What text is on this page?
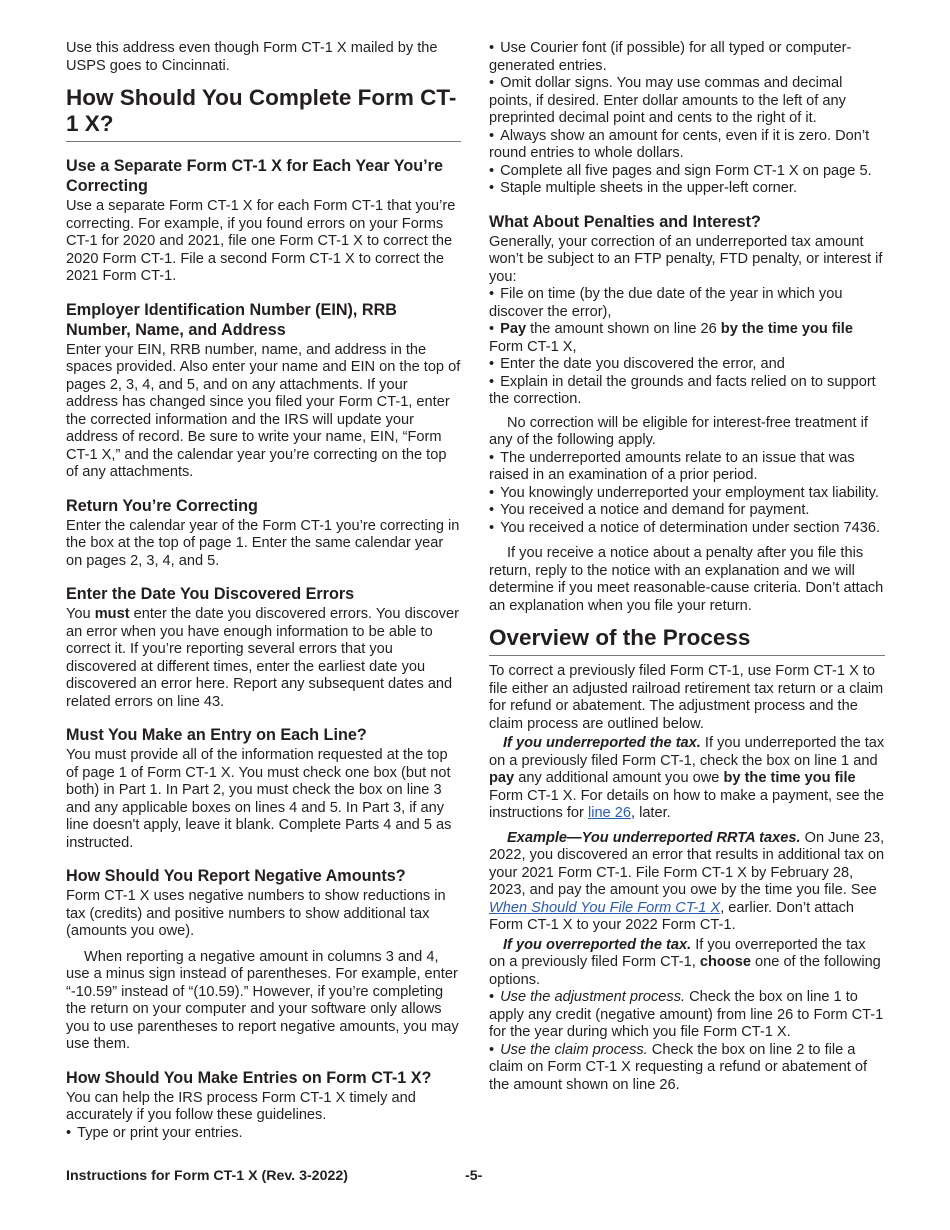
Use this address even though Form CT-1 X mailed by the USPS goes to Cincinnati.

How Should You Complete Form CT-1 X?
Use a Separate Form CT-1 X for Each Year You’re Correcting

Use a separate Form CT-1 X for each Form CT-1 that you’re correcting. For example, if you found errors on your Forms CT-1 for 2020 and 2021, file one Form CT-1 X to correct the 2020 Form CT-1. File a second Form CT-1 X to correct the 2021 Form CT-1.

Employer Identification Number (EIN), RRB Number, Name, and Address

Enter your EIN, RRB number, name, and address in the spaces provided. Also enter your name and EIN on the top of pages 2, 3, 4, and 5, and on any attachments. If your address has changed since you filed your Form CT-1, enter the corrected information and the IRS will update your address of record. Be sure to write your name, EIN, “Form CT-1 X,” and the calendar year you’re correcting on the top of any attachments.

Return You’re Correcting

Enter the calendar year of the Form CT-1 you’re correcting in the box at the top of page 1. Enter the same calendar year on pages 2, 3, 4, and 5.

Enter the Date You Discovered Errors

You must enter the date you discovered errors. You discover an error when you have enough information to be able to correct it. If you’re reporting several errors that you discovered at different times, enter the earliest date you discovered an error here. Report any subsequent dates and related errors on line 43.

Must You Make an Entry on Each Line?

You must provide all of the information requested at the top of page 1 of Form CT-1 X. You must check one box (but not both) in Part 1. In Part 2, you must check the box on line 3 and any applicable boxes on lines 4 and 5. In Part 3, if any line doesn't apply, leave it blank. Complete Parts 4 and 5 as instructed.

How Should You Report Negative Amounts?

Form CT-1 X uses negative numbers to show reductions in tax (credits) and positive numbers to show additional tax (amounts you owe).

When reporting a negative amount in columns 3 and 4, use a minus sign instead of parentheses. For example, enter “-10.59” instead of “(10.59).” However, if you’re completing the return on your computer and your software only allows you to use parentheses to report negative amounts, you may use them.

How Should You Make Entries on Form CT-1 X?

You can help the IRS process Form CT-1 X timely and accurately if you follow these guidelines.

• Type or print your entries.

• Use Courier font (if possible) for all typed or computer-generated entries.

• Omit dollar signs. You may use commas and decimal points, if desired. Enter dollar amounts to the left of any preprinted decimal point and cents to the right of it.

• Always show an amount for cents, even if it is zero. Don’t round entries to whole dollars.

• Complete all five pages and sign Form CT-1 X on page 5.

• Staple multiple sheets in the upper-left corner.

What About Penalties and Interest?

Generally, your correction of an underreported tax amount won’t be subject to an FTP penalty, FTD penalty, or interest if you:

• File on time (by the due date of the year in which you discover the error),

• Pay the amount shown on line 26 by the time you file Form CT-1 X,

• Enter the date you discovered the error, and

• Explain in detail the grounds and facts relied on to support the correction.

No correction will be eligible for interest-free treatment if any of the following apply.

• The underreported amounts relate to an issue that was raised in an examination of a prior period.

• You knowingly underreported your employment tax liability.

• You received a notice and demand for payment.

• You received a notice of determination under section 7436.

If you receive a notice about a penalty after you file this return, reply to the notice with an explanation and we will determine if you meet reasonable-cause criteria. Don’t attach an explanation when you file your return.

Overview of the Process

To correct a previously filed Form CT-1, use Form CT-1 X to file either an adjusted railroad retirement tax return or a claim for refund or abatement. The adjustment process and the claim process are outlined below.

If you underreported the tax. If you underreported the tax on a previously filed Form CT-1, check the box on line 1 and pay any additional amount you owe by the time you file Form CT-1 X. For details on how to make a payment, see the instructions for line 26, later.

Example—You underreported RRTA taxes. On June 23, 2022, you discovered an error that results in additional tax on your 2021 Form CT-1. File Form CT-1 X by February 28, 2023, and pay the amount you owe by the time you file. See When Should You File Form CT-1 X, earlier. Don’t attach Form CT-1 X to your 2022 Form CT-1.

If you overreported the tax. If you overreported the tax on a previously filed Form CT-1, choose one of the following options.

• Use the adjustment process. Check the box on line 1 to apply any credit (negative amount) from line 26 to Form CT-1 for the year during which you file Form CT-1 X.

• Use the claim process. Check the box on line 2 to file a claim on Form CT-1 X requesting a refund or abatement of the amount shown on line 26.

Instructions for Form CT-1 X (Rev. 3-2022)	-5-
